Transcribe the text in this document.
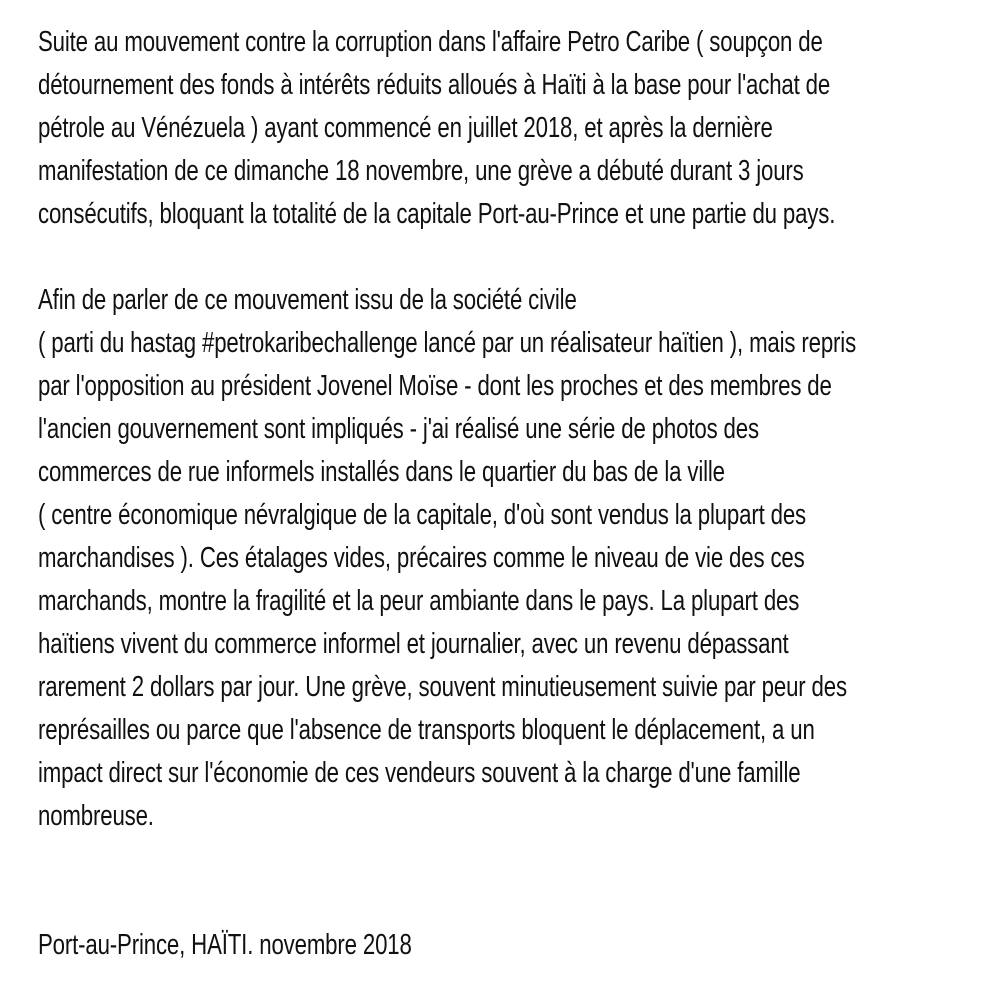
Suite au mouvement contre la corruption dans l'affaire Petro Caribe ( soupçon de

détournement des fonds à intérêts réduits alloués à Haïti à la base pour l'achat de

pétrole au Vénézuela ) ayant commencé en juillet 2018, et après la dernière

manifestation de ce dimanche 18 novembre, une grève a débuté durant 3 jours

consécutifs, bloquant la totalité de la capitale Port-au-Prince et une partie du pays.

Afin de parler de ce mouvement issu de la société civile

( parti du hastag #petrokaribechallenge lancé par un réalisateur haïtien ), mais repris

par l'opposition au président Jovenel Moïse - dont les proches et des membres de

l'ancien gouvernement sont impliqués - j'ai réalisé une série de photos des

commerces de rue informels installés dans le quartier du bas de la ville

( centre économique névralgique de la capitale, d'où sont vendus la plupart des

marchandises ). Ces étalages vides, précaires comme le niveau de vie des ces

marchands, montre la fragilité et la peur ambiante dans le pays. La plupart des

haïtiens vivent du commerce informel et journalier, avec un revenu dépassant

rarement 2 dollars par jour. Une grève, souvent minutieusement suivie par peur des

représailles ou parce que l'absence de transports bloquent le déplacement, a un

impact direct sur l'économie de ces vendeurs souvent à la charge d'une famille

nombreuse.

Port-au-Prince, HAÏTI. novembre 2018
